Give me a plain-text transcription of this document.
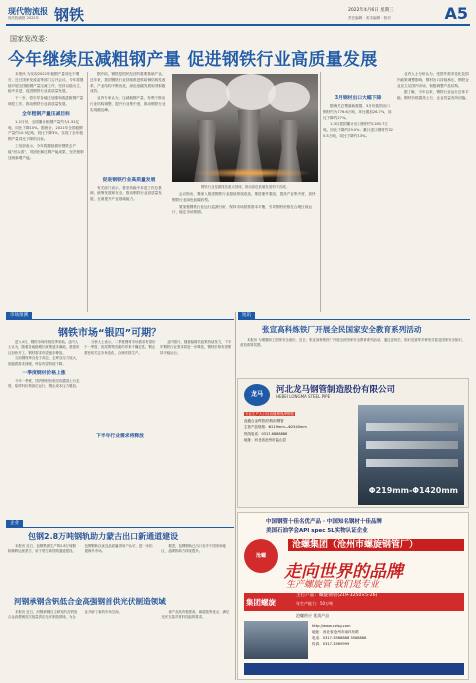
现代物流报
现代物流报 2022年 钢铁	2022年4月6日 星期三
责任编辑 · 美术编辑 · 校对	A5
国家发改委：
今年继续压减粗钢产量 促进钢铁行业高质量发展

本报讯 为实现2022年粗钢产量同比不增长，近日国家发改委等部门召开会议。今年将继续开展全国粗钢产量压减工作，坚持以稳为主、稳中求进，促进钢铁行业高质量发展。

下一步，将引导各地区加强和改进粗钢产量调控工作，推动钢铁行业高质量发展。

全年粗钢产量压减目标

1-2月份，全国累计粗钢产量约为1.52亿吨，同比下降10%。据统计，2021年全国粗钢产量约10.3亿吨，同比下降3%，实现了全年粗钢产量同比下降的目标。

工信部表示，今年将继续做好钢铁去产能“回头看”，巩固化解过剩产能成果，坚决遏制违规新增产能。

据介绍，钢铁是国民经济的重要基础产业。近年来，我国钢铁行业持续推进供给侧结构性改革，产业结构不断优化，绿色低碳发展取得积极成效。

业内专家认为，压减粗钢产量，有利于推动行业结构调整，提升行业集中度，推动钢铁行业实现碳达峰。

促进钢铁行业高质量发展

有关部门表示，将坚持稳中求进工作总基调，统筹发展和安全，推动钢铁行业高质量发展，全面提升产业基础能力。

钢铁行业是碳排放重点领域，推动绿色低碳发展刻不容缓。

会议指出，要深入推进钢铁行业超低排放改造，推进兼并重组，提高产业集中度，加快钢铁行业绿色低碳转型。

要加强钢铁行业运行监测分析，保持市场供需基本平衡，引导钢材价格在合理区间运行，稳定市场预期。

3月钢材出口大幅下降

据海关总署最新数据，3月份我国出口钢材约为776.6万吨，环比增加26.7%，同比下降约27%。

1-3月我国累计出口钢材约1185.7万吨，同比下降约29.5%；累计进口钢材约325.5万吨，同比下降约13%。

业内人士分析认为，受国外需求变化及国内政策调整影响，钢材出口持续承压，钢铁企业应立足国内市场，积极调整产品结构。

据了解，今年以来，钢铁行业运行总体平稳，钢材价格震荡上行，企业效益有所回落。

市场预测
钢铁市场“银四”可期？

进入4月，钢铁市场传统旺季来临。业内人士认为，随着各地稳增长政策逐步落地，基建项目加快开工，钢材需求有望逐步释放。

当前钢材库存处于高位，去库存压力较大，但随着需求回暖，库存有望持续下降。

一季度钢材价格上涨

今年一季度，国内钢材价格呈现震荡上行态势，原材料价格高位运行，钢企成本压力增加。

分析人士表示，二季度钢材市场需求有望好于一季度，但疫情等因素仍带来不确定性。钢企需密切关注市场变化，合理安排生产。

下半年行业需求将释放

业内预计，随着稳增长政策持续发力，下半年钢铁行业需求将进一步释放，钢材价格有望保持平稳运行。

短讯
张宣高科炼铁厂开展全民国家安全教育系列活动

本报讯 为增强职工国家安全意识，近日，张宣高科炼铁厂开展全民国家安全教育系列活动，通过宣传栏、知识竞赛等多种形式普及国家安全知识，营造浓厚氛围。

龙马	河北龙马钢管制造股份有限公司
HEBEI LONGMA STEEL PIPE
专业生产大口径直缝埋弧焊钢管
直缝合金焊管/结构用钢管
主营产品规格：Φ219mm—Φ2540mm
热线电话：0317-6888888
地址：河北省沧州市盐山县
Φ219mm-Φ1420mm
企业
包钢2.8万吨钢轨助力蒙古出口新通道建设

本报讯 近日，包钢集团生产的2.8万吨钢轨顺利运抵蒙古，用于蒙古新铁路通道建设。包钢钢轨以优良品质赢得用户认可，进一步拓展海外市场。

据悉，包钢钢轨已出口至多个国家和地区，品牌影响力持续提升。

河钢承钢含钒低合金高强钢首供光伏制造领域

本报讯 近日，河钢承钢自主研发的含钒低合金高强钢首次批量供应光伏制造领域，为企业开辟了新的市场空间。	该产品具有强度高、耐腐蚀等优点，满足光伏支架对材料性能的要求。

中国钢管十佳名优产品 · 中国知名钢材十佳品牌
美国石油学会API spec 5L实物认证企业
沧螺
沧螺集团（沧州市螺旋钢管厂）
走向世界的品牌
生产螺旋管 我们是专业
集团螺旋
主打产品：螺旋钢管(219-3250×5-26)
年生产能力：50万吨
沧螺供应 优质产品
http://www.czlsg.com
地址：河北省沧州市南环东路
电话：0317-3568888 3568888
传真：0317-3569999
